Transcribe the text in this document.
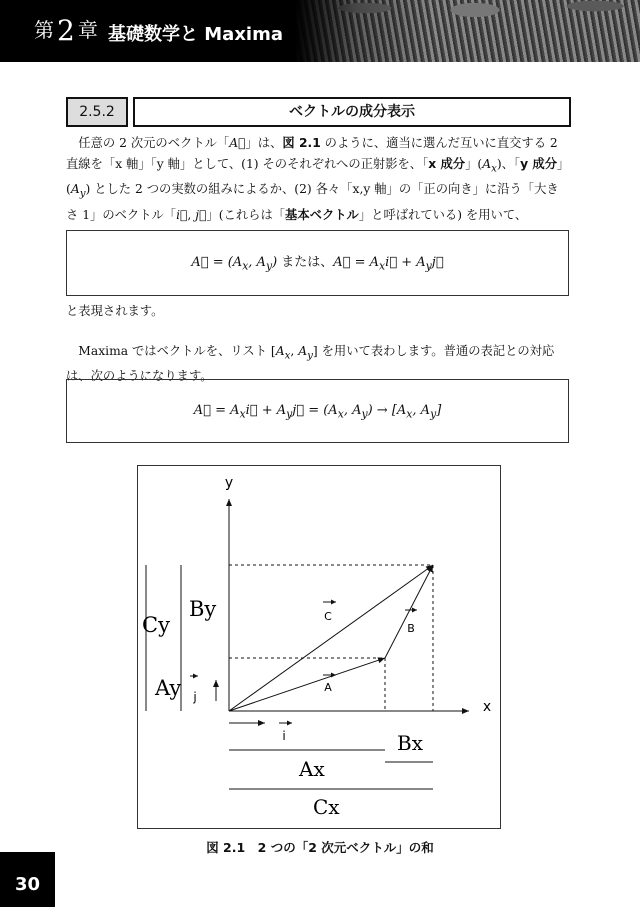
第2 章 基礎数学と Maxima
2.5.2	ベクトルの成分表示
任意の 2 次元のベクトル「A⃗」は、図 2.1 のように、適当に選んだ互いに直交する 2 直線を「x 軸」「y 軸」として、(1) そのそれぞれへの正射影を、「x 成分」$(A_x)$、「y 成分」$(A_y)$ とした 2 つの実数の組みによるか、(2) 各々「x,y 軸」の「正の向き」に沿う「大きさ 1」のベクトル「i⃗, j⃗」(これらは「基本ベクトル」と呼ばれている) を用いて、
A⃗ = ($A_x$, $A_y$) または、A⃗ = $A_xi⃗$ + $A_yj⃗$
と表現されます。
Maxima ではベクトルを、リスト [$A_x$, $A_y$] を用いて表わします。普通の表記との対応は、次のようになります。
A⃗ = $A_xi⃗$ + $A_yj⃗ = (A_x$, $A_y) \to [A_x$, $A_y$]
y
x
A
B
C
j
i
Cy
By
Ay
Bx
Ax
Cx
図 2.1　2 つの「2 次元ベクトル」の和
30
